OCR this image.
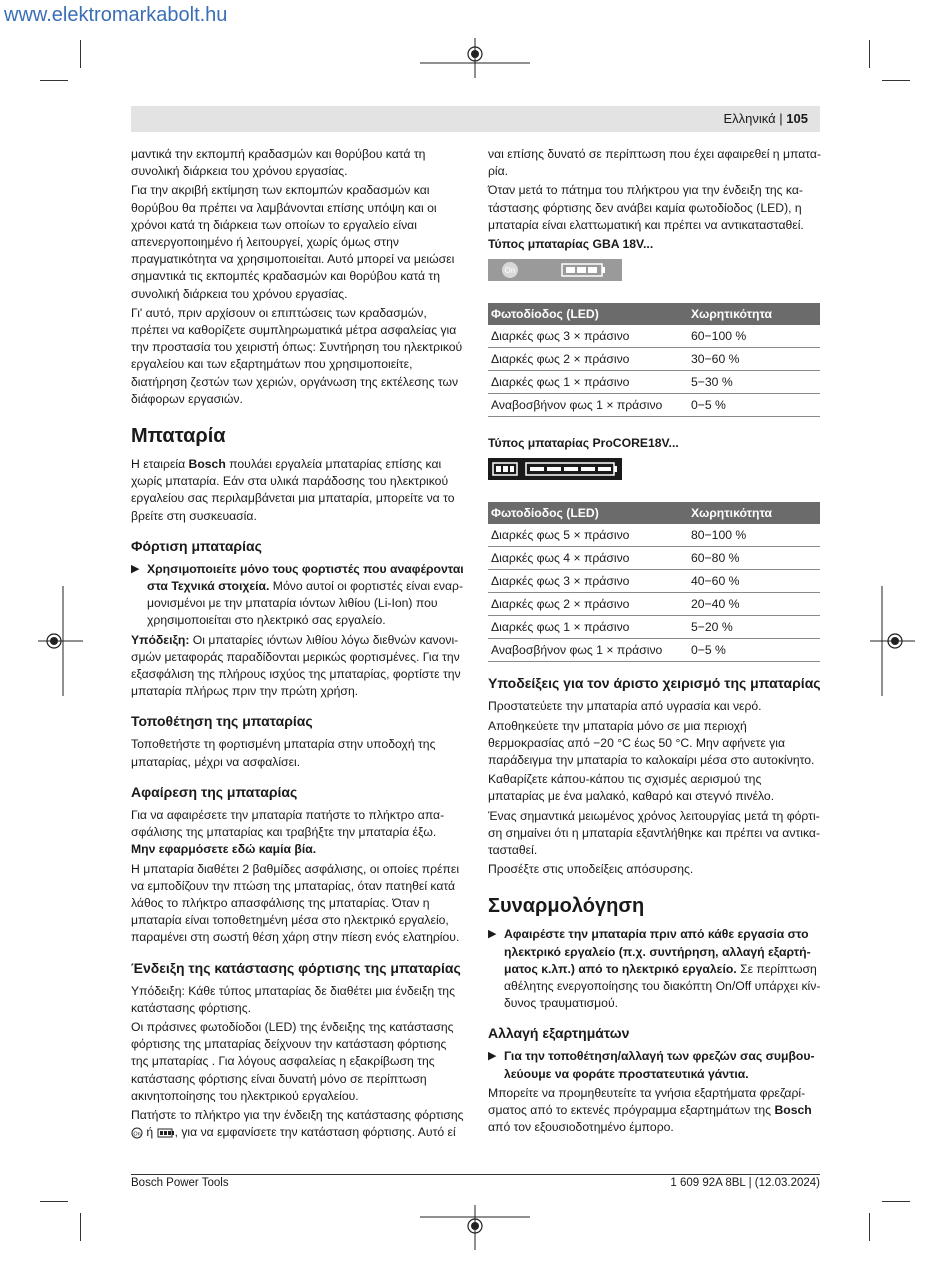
www.elektromarkabolt.hu
Ελληνικά | 105

μαντικά την εκπομπή κραδασμών και θορύβου κατά τη συνολική διάρκεια του χρόνου εργασίας.

Για την ακριβή εκτίμηση των εκπομπών κραδασμών και θορύβου θα πρέπει να λαμβάνονται επίσης υπόψη και οι χρόνοι κατά τη διάρκεια των οποίων το εργαλείο είναι απενεργοποιημένο ή λειτουργεί, χωρίς όμως στην πραγματικότητα να χρησιμοποιείται. Αυτό μπορεί να μειώσει σημαντικά τις εκπομπές κραδασμών και θορύβου κατά τη συνολική διάρκεια του χρόνου εργασίας.

Γι' αυτό, πριν αρχίσουν οι επιπτώσεις των κραδασμών, πρέπει να καθορίζετε συμπληρωματικά μέτρα ασφαλείας για την προστασία του χειριστή όπως: Συντήρηση του ηλεκτρικού εργαλείου και των εξαρτημάτων που χρησιμοποιείτε, διατήρηση ζεστών των χεριών, οργάνωση της εκτέλεσης των διάφορων εργασιών.

Μπαταρία

Η εταιρεία Bosch πουλάει εργαλεία μπαταρίας επίσης και χωρίς μπαταρία. Εάν στα υλικά παράδοσης του ηλεκτρικού εργαλείου σας περιλαμβάνεται μια μπαταρία, μπορείτε να το βρείτε στη συσκευασία.

Φόρτιση μπαταρίας
▶ Χρησιμοποιείτε μόνο τους φορτιστές που αναφέρονται στα Τεχνικά στοιχεία. Μόνο αυτοί οι φορτιστές είναι εναρμονισμένοι με την μπαταρία ιόντων λιθίου (Li-Ion) που χρησιμοποιείται στο ηλεκτρικό σας εργαλείο.

Υπόδειξη: Οι μπαταρίες ιόντων λιθίου λόγω διεθνών κανονισμών μεταφοράς παραδίδονται μερικώς φορτισμένες. Για την εξασφάλιση της πλήρους ισχύος της μπαταρίας, φορτίστε την μπαταρία πλήρως πριν την πρώτη χρήση.

Τοποθέτηση της μπαταρίας

Τοποθετήστε τη φορτισμένη μπαταρία στην υποδοχή της μπαταρίας, μέχρι να ασφαλίσει.

Αφαίρεση της μπαταρίας

Για να αφαιρέσετε την μπαταρία πατήστε το πλήκτρο απασφάλισης της μπαταρίας και τραβήξτε την μπαταρία έξω. Μην εφαρμόσετε εδώ καμία βία.

Η μπαταρία διαθέτει 2 βαθμίδες ασφάλισης, οι οποίες πρέπει να εμποδίζουν την πτώση της μπαταρίας, όταν πατηθεί κατά λάθος το πλήκτρο απασφάλισης της μπαταρίας. Όταν η μπαταρία είναι τοποθετημένη μέσα στο ηλεκτρικό εργαλείο, παραμένει στη σωστή θέση χάρη στην πίεση ενός ελατηρίου.

Ένδειξη της κατάστασης φόρτισης της μπαταρίας

Υπόδειξη: Κάθε τύπος μπαταρίας δε διαθέτει μια ένδειξη της κατάστασης φόρτισης.

Οι πράσινες φωτοδίοδοι (LED) της ένδειξης της κατάστασης φόρτισης της μπαταρίας δείχνουν την κατάσταση φόρτισης της μπαταρίας . Για λόγους ασφαλείας η εξακρίβωση της κατάστασης φόρτισης είναι δυνατή μόνο σε περίπτωση ακινητοποίησης του ηλεκτρικού εργαλείου.

Πατήστε το πλήκτρο για την ένδειξη της κατάστασης φόρτισης
On ή , για να εμφανίσετε την κατάσταση φόρτισης. Αυτό εί

ναι επίσης δυνατό σε περίπτωση που έχει αφαιρεθεί η μπαταρία.

Όταν μετά το πάτημα του πλήκτρου για την ένδειξη της κατάστασης φόρτισης δεν ανάβει καμία φωτοδίοδος (LED), η μπαταρία είναι ελαττωματική και πρέπει να αντικατασταθεί.

Τύπος μπαταρίας GBA 18V...

On
Φωτοδίοδος (LED)	Χωρητικότητα
Διαρκές φως 3 × πράσινο	60−100 %
Διαρκές φως 2 × πράσινο	30−60 %
Διαρκές φως 1 × πράσινο	5−30 %
Αναβοσβήνον φως 1 × πράσινο	0−5 %

Τύπος μπαταρίας ProCORE18V...

Φωτοδίοδος (LED)	Χωρητικότητα
Διαρκές φως 5 × πράσινο	80−100 %
Διαρκές φως 4 × πράσινο	60−80 %
Διαρκές φως 3 × πράσινο	40−60 %
Διαρκές φως 2 × πράσινο	20−40 %
Διαρκές φως 1 × πράσινο	5−20 %
Αναβοσβήνον φως 1 × πράσινο	0−5 %
Υποδείξεις για τον άριστο χειρισμό της μπαταρίας

Προστατεύετε την μπαταρία από υγρασία και νερό.

Αποθηκεύετε την μπαταρία μόνο σε μια περιοχή θερμοκρασίας από −20 °C έως 50 °C. Μην αφήνετε για παράδειγμα την μπαταρία το καλοκαίρι μέσα στο αυτοκίνητο.

Καθαρίζετε κάπου-κάπου τις σχισμές αερισμού της μπαταρίας με ένα μαλακό, καθαρό και στεγνό πινέλο.

Ένας σημαντικά μειωμένος χρόνος λειτουργίας μετά τη φόρτιση σημαίνει ότι η μπαταρία εξαντλήθηκε και πρέπει να αντικατασταθεί.

Προσέξτε στις υποδείξεις απόσυρσης.

Συναρμολόγηση
▶ Αφαιρέστε την μπαταρία πριν από κάθε εργασία στο ηλεκτρικό εργαλείο (π.χ. συντήρηση, αλλαγή εξαρτήματος κ.λπ.) από το ηλεκτρικό εργαλείο. Σε περίπτωση αθέλητης ενεργοποίησης του διακόπτη On/Off υπάρχει κίνδυνος τραυματισμού.
Αλλαγή εξαρτημάτων
▶ Για την τοποθέτηση/αλλαγή των φρεζών σας συμβουλεύουμε να φοράτε προστατευτικά γάντια.

Μπορείτε να προμηθευτείτε τα γνήσια εξαρτήματα φρεζαρίσματος από το εκτενές πρόγραμμα εξαρτημάτων της Bosch από τον εξουσιοδοτημένο έμπορο.

Bosch Power Tools	1 609 92A 8BL | (12.03.2024)
